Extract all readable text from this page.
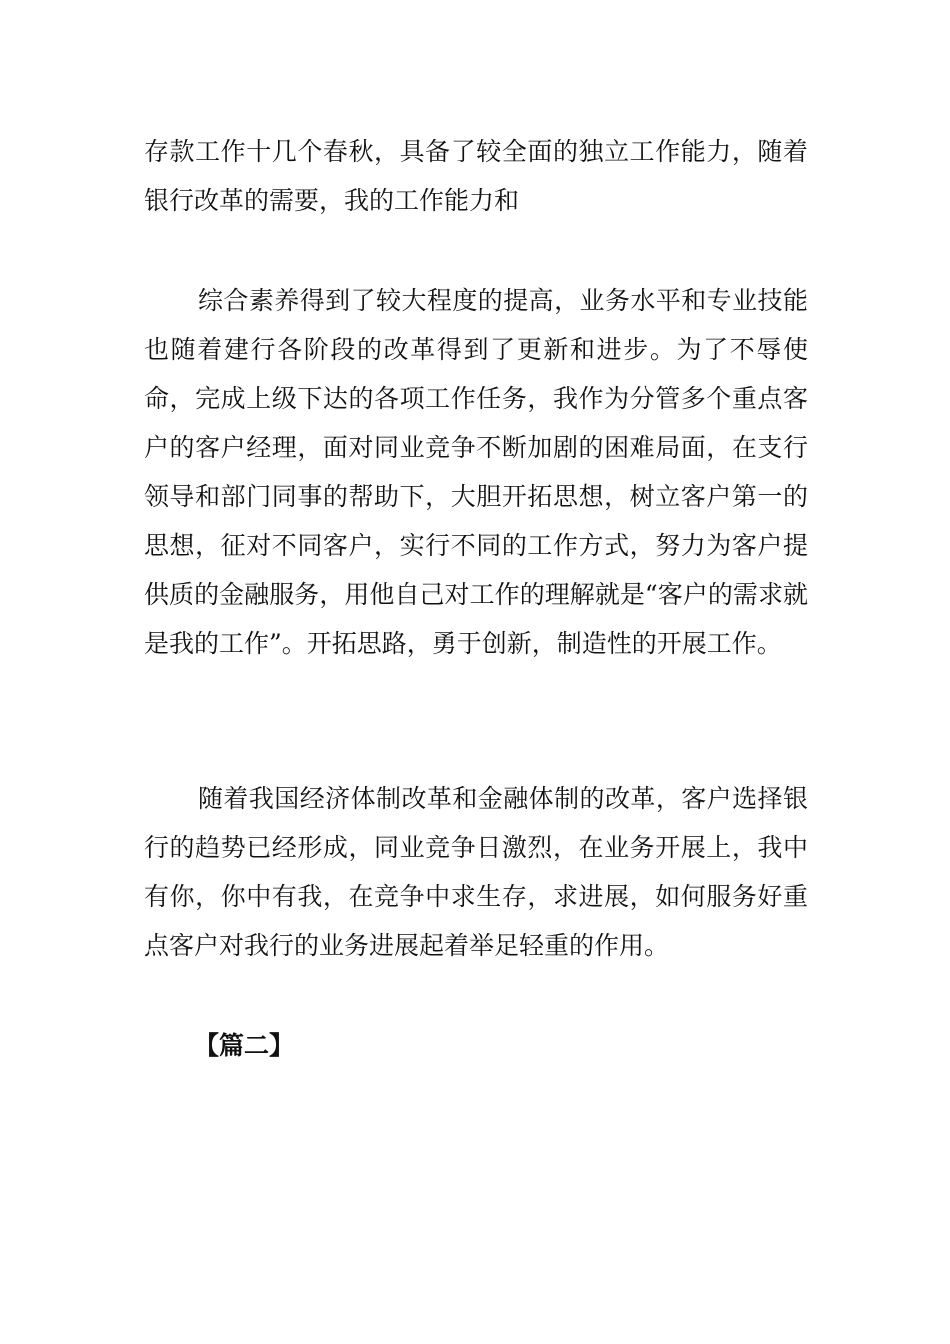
存款工作十几个春秋，具备了较全面的独立工作能力，随着银行改革的需要，我的工作能力和

综合素养得到了较大程度的提高，业务水平和专业技能也随着建行各阶段的改革得到了更新和进步。为了不辱使命，完成上级下达的各项工作任务，我作为分管多个重点客户的客户经理，面对同业竞争不断加剧的困难局面，在支行领导和部门同事的帮助下，大胆开拓思想，树立客户第一的思想，征对不同客户，实行不同的工作方式，努力为客户提供质的金融服务，用他自己对工作的理解就是“客户的需求就是我的工作”。开拓思路，勇于创新，制造性的开展工作。

随着我国经济体制改革和金融体制的改革，客户选择银行的趋势已经形成，同业竞争日激烈，在业务开展上，我中有你，你中有我，在竞争中求生存，求进展，如何服务好重点客户对我行的业务进展起着举足轻重的作用。

【篇二】
